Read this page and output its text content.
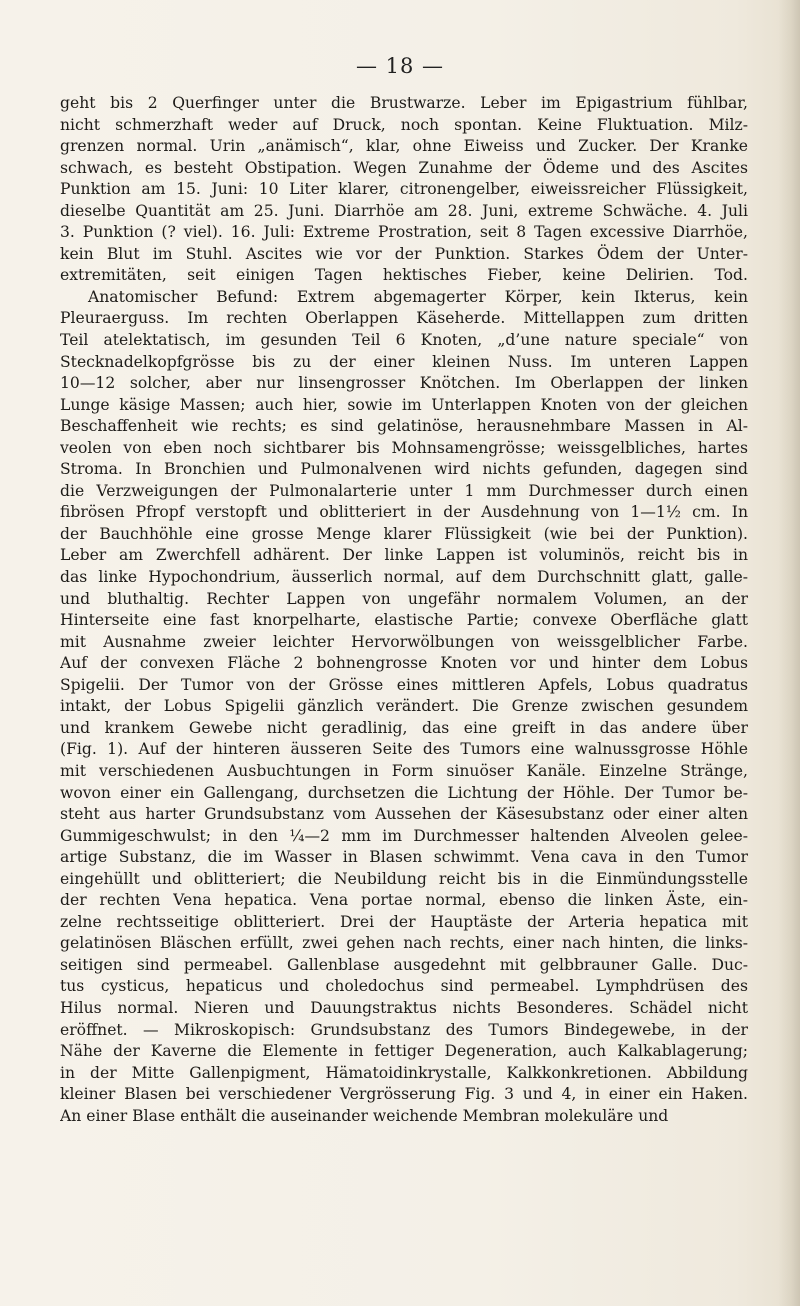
— 18 —
geht bis 2 Querfinger unter die Brustwarze. Leber im Epigastrium fühlbar,
nicht schmerzhaft weder auf Druck, noch spontan. Keine Fluktuation. Milz-
grenzen normal. Urin „anämisch“, klar, ohne Eiweiss und Zucker. Der Kranke
schwach, es besteht Obstipation. Wegen Zunahme der Ödeme und des Ascites
Punktion am 15. Juni: 10 Liter klarer, citronengelber, eiweissreicher Flüssigkeit,
dieselbe Quantität am 25. Juni. Diarrhöe am 28. Juni, extreme Schwäche. 4. Juli
3. Punktion (? viel). 16. Juli: Extreme Prostration, seit 8 Tagen excessive Diarrhöe,
kein Blut im Stuhl. Ascites wie vor der Punktion. Starkes Ödem der Unter-
extremitäten, seit einigen Tagen hektisches Fieber, keine Delirien. Tod.
Anatomischer Befund: Extrem abgemagerter Körper, kein Ikterus, kein
Pleuraerguss. Im rechten Oberlappen Käseherde. Mittellappen zum dritten
Teil atelektatisch, im gesunden Teil 6 Knoten, „d’une nature speciale“ von
Stecknadelkopfgrösse bis zu der einer kleinen Nuss. Im unteren Lappen
10—12 solcher, aber nur linsengrosser Knötchen. Im Oberlappen der linken
Lunge käsige Massen; auch hier, sowie im Unterlappen Knoten von der gleichen
Beschaffenheit wie rechts; es sind gelatinöse, herausnehmbare Massen in Al-
veolen von eben noch sichtbarer bis Mohnsamengrösse; weissgelbliches, hartes
Stroma. In Bronchien und Pulmonalvenen wird nichts gefunden, dagegen sind
die Verzweigungen der Pulmonalarterie unter 1 mm Durchmesser durch einen
fibrösen Pfropf verstopft und oblitteriert in der Ausdehnung von 1—1½ cm. In
der Bauchhöhle eine grosse Menge klarer Flüssigkeit (wie bei der Punktion).
Leber am Zwerchfell adhärent. Der linke Lappen ist voluminös, reicht bis in
das linke Hypochondrium, äusserlich normal, auf dem Durchschnitt glatt, galle-
und bluthaltig. Rechter Lappen von ungefähr normalem Volumen, an der
Hinterseite eine fast knorpelharte, elastische Partie; convexe Oberfläche glatt
mit Ausnahme zweier leichter Hervorwölbungen von weissgelblicher Farbe.
Auf der convexen Fläche 2 bohnengrosse Knoten vor und hinter dem Lobus
Spigelii. Der Tumor von der Grösse eines mittleren Apfels, Lobus quadratus
intakt, der Lobus Spigelii gänzlich verändert. Die Grenze zwischen gesundem
und krankem Gewebe nicht geradlinig, das eine greift in das andere über
(Fig. 1). Auf der hinteren äusseren Seite des Tumors eine walnussgrosse Höhle
mit verschiedenen Ausbuchtungen in Form sinuöser Kanäle. Einzelne Stränge,
wovon einer ein Gallengang, durchsetzen die Lichtung der Höhle. Der Tumor be-
steht aus harter Grundsubstanz vom Aussehen der Käsesubstanz oder einer alten
Gummigeschwulst; in den ¼—2 mm im Durchmesser haltenden Alveolen gelee-
artige Substanz, die im Wasser in Blasen schwimmt. Vena cava in den Tumor
eingehüllt und oblitteriert; die Neubildung reicht bis in die Einmündungsstelle
der rechten Vena hepatica. Vena portae normal, ebenso die linken Äste, ein-
zelne rechtsseitige oblitteriert. Drei der Hauptäste der Arteria hepatica mit
gelatinösen Bläschen erfüllt, zwei gehen nach rechts, einer nach hinten, die links-
seitigen sind permeabel. Gallenblase ausgedehnt mit gelbbrauner Galle. Duc-
tus cysticus, hepaticus und choledochus sind permeabel. Lymphdrüsen des
Hilus normal. Nieren und Dauungstraktus nichts Besonderes. Schädel nicht
eröffnet. — Mikroskopisch: Grundsubstanz des Tumors Bindegewebe, in der
Nähe der Kaverne die Elemente in fettiger Degeneration, auch Kalkablagerung;
in der Mitte Gallenpigment, Hämatoidinkrystalle, Kalkkonkretionen. Abbildung
kleiner Blasen bei verschiedener Vergrösserung Fig. 3 und 4, in einer ein Haken.
An einer Blase enthält die auseinander weichende Membran molekuläre und
